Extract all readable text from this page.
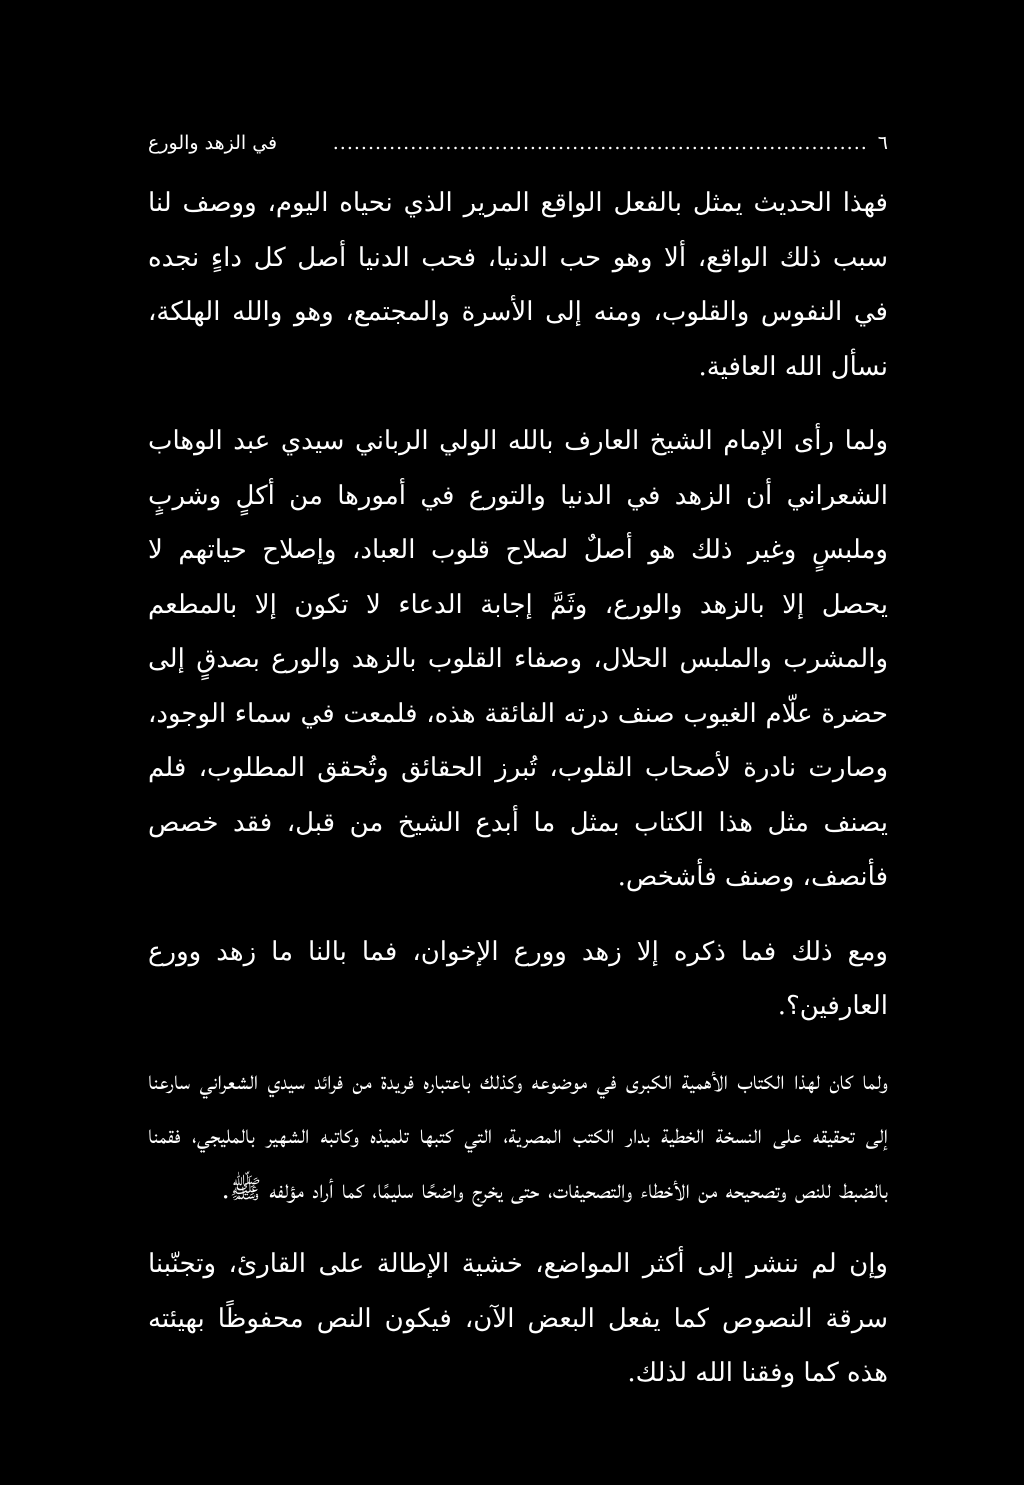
٦
............................................................................
في الزهد والورع

فهذا الحديث يمثل بالفعل الواقع المرير الذي نحياه اليوم، ووصف لنا سبب ذلك الواقع، ألا وهو حب الدنيا، فحب الدنيا أصل كل داءٍ نجده في النفوس والقلوب، ومنه إلى الأسرة والمجتمع، وهو والله الهلكة، نسأل الله العافية.

ولما رأى الإمام الشيخ العارف بالله الولي الرباني سيدي عبد الوهاب الشعراني أن الزهد في الدنيا والتورع في أمورها من أكلٍ وشربٍ وملبسٍ وغير ذلك هو أصلٌ لصلاح قلوب العباد، وإصلاح حياتهم لا يحصل إلا بالزهد والورع، وثَمَّ إجابة الدعاء لا تكون إلا بالمطعم والمشرب والملبس الحلال، وصفاء القلوب بالزهد والورع بصدقٍ إلى حضرة علّام الغيوب صنف درته الفائقة هذه، فلمعت في سماء الوجود، وصارت نادرة لأصحاب القلوب، تُبرز الحقائق وتُحقق المطلوب، فلم يصنف مثل هذا الكتاب بمثل ما أبدع الشيخ من قبل، فقد خصص فأنصف، وصنف فأشخص.

ومع ذلك فما ذكره إلا زهد وورع الإخوان، فما بالنا ما زهد وورع العارفين؟.

ولما كان لهذا الكتاب الأهمية الكبرى في موضوعه وكذلك باعتباره فريدة من فرائد سيدي الشعراني سارعنا إلى تحقيقه على النسخة الخطية بدار الكتب المصرية، التي كتبها تلميذه وكاتبه الشهير بالمليجي، فقمنا بالضبط للنص وتصحيحه من الأخطاء والتصحيفات، حتى يخرج واضحًا سليمًا، كما أراد مؤلفه ﷺ.

وإن لم ننشر إلى أكثر المواضع، خشية الإطالة على القارئ، وتجنّبنا سرقة النصوص كما يفعل البعض الآن، فيكون النص محفوظًا بهيئته هذه كما وفقنا الله لذلك.
